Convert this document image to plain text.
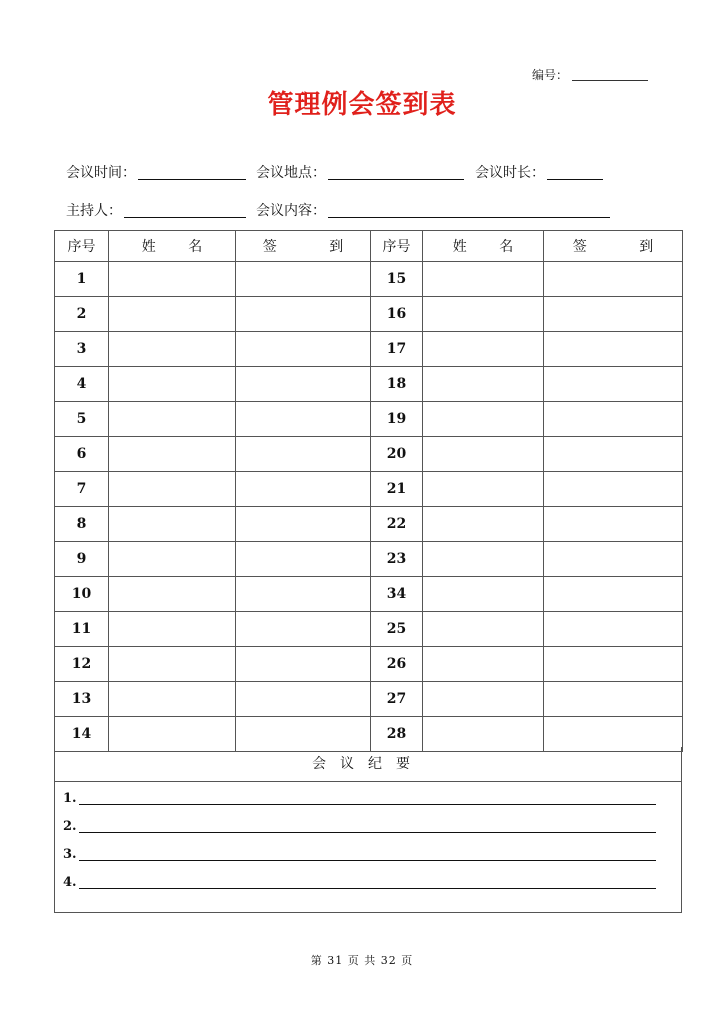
编号：
管理例会签到表
会议时间：	会议地点：	会议时长：
主持人：	会议内容：
序号	姓 名	签 到	序号	姓 名	签 到
1			15		
2			16		
3			17		
4			18		
5			19		
6			20		
7			21		
8			22		
9			23		
10			34		
11			25		
12			26		
13			27		
14			28		
会议纪要
1.
2.
3.
4.
第 31 页 共 32 页
